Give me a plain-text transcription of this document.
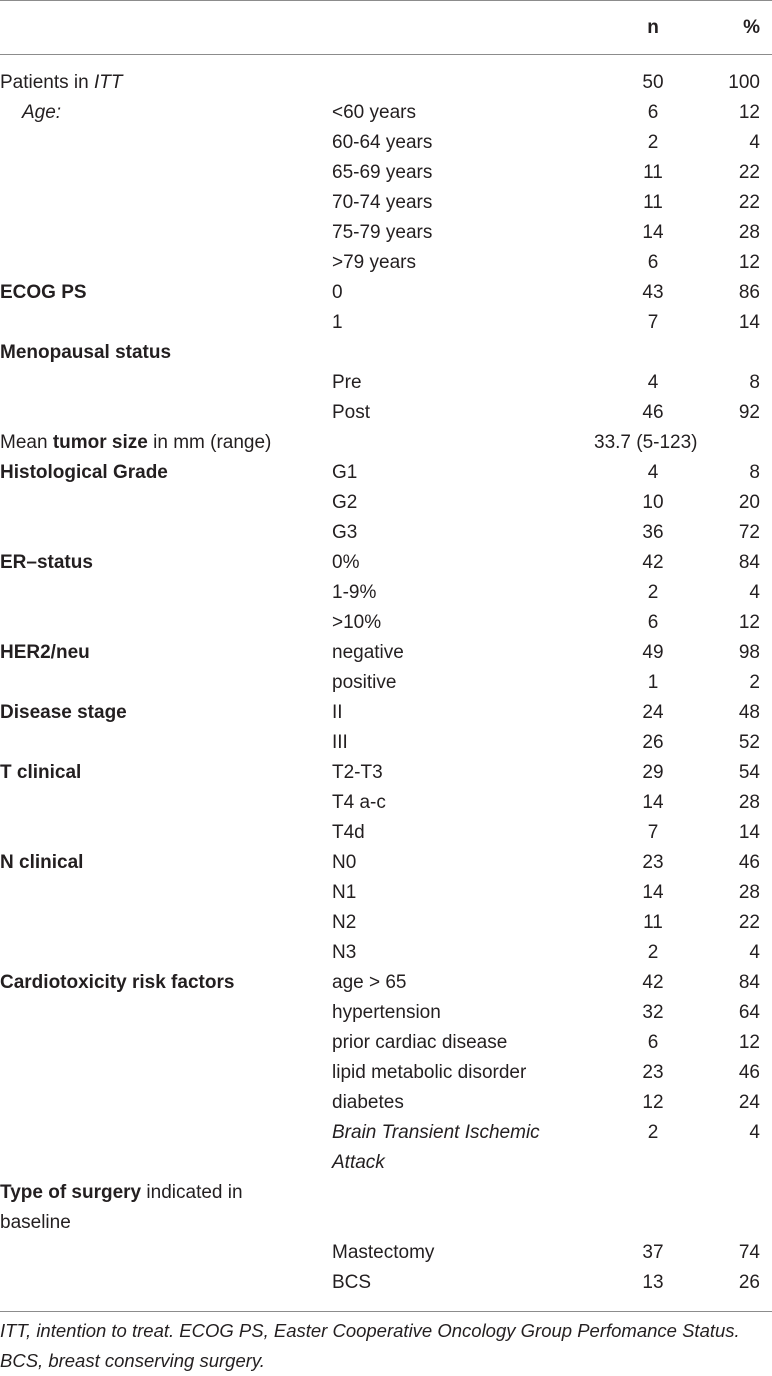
n	%
Patients in ITT	50	100
Age:	<60 years	6	12
60-64 years	2	4
65-69 years	11	22
70-74 years	11	22
75-79 years	14	28
>79 years	6	12
ECOG PS	0	43	86
1	7	14
Menopausal status
Pre	4	8
Post	46	92
Mean tumor size in mm (range)	33.7 (5-123)
Histological Grade	G1	4	8
G2	10	20
G3	36	72
ER–status	0%	42	84
1-9%	2	4
>10%	6	12
HER2/neu	negative	49	98
positive	1	2
Disease stage	II	24	48
III	26	52
T clinical	T2-T3	29	54
T4 a-c	14	28
T4d	7	14
N clinical	N0	23	46
N1	14	28
N2	11	22
N3	2	4
Cardiotoxicity risk factors	age > 65	42	84
hypertension	32	64
prior cardiac disease	6	12
lipid metabolic disorder	23	46
diabetes	12	24
Brain Transient Ischemic	2	4
Attack
Type of surgery indicated in
baseline
Mastectomy	37	74
BCS	13	26
ITT, intention to treat. ECOG PS, Easter Cooperative Oncology Group Perfomance Status.
BCS, breast conserving surgery.
